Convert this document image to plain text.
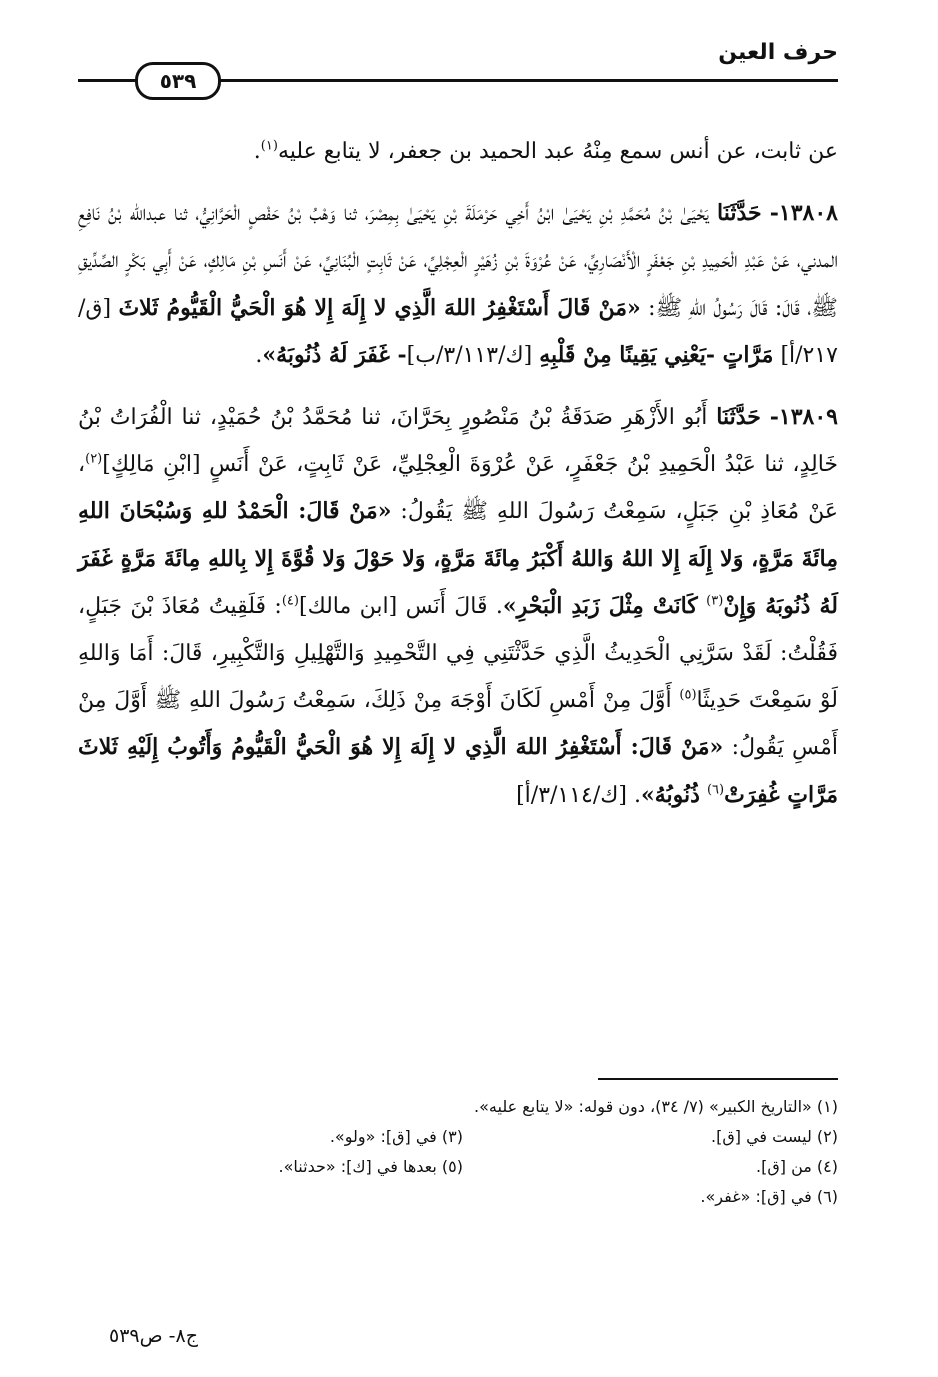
حرف العين
٥٣٩

عن ثابت، عن أنس سمع مِنْهُ عبد الحميد بن جعفر، لا يتابع عليه$^{(١)}$.

١٣٨٠٨- حَدَّثَنَا يَحْيَىٰ بْنُ مُحَمَّدِ بْنِ يَحْيَىٰ ابْنُ أَخِي حَرْمَلَةَ بْنِ يَحْيَىٰ بِمِصْرَ، ثنا وَهْبُ بْنُ حَفْصٍ الْحَرَّانِيُّ، ثنا عبدالله بْنُ نَافِعِ المدني، عَنْ عَبْدِ الْحَمِيدِ بْنِ جَعْفَرٍ الْأَنْصَارِيِّ، عَنْ عُرْوَةَ بْنِ زُهَيْرٍ الْعِجْلِيِّ، عَنْ ثَابِتٍ الْبُنَانِيِّ، عَنْ أَنَسِ بْنِ مَالِكٍ، عَنْ أَبِي بَكْرٍ الصِّدِّيقِ ﷺ، قَالَ: قَالَ رَسُولُ اللهِ ﷺ: «مَنْ قَالَ أَسْتَغْفِرُ اللهَ الَّذِي لا إِلَهَ إِلا هُوَ الْحَيُّ الْقَيُّومُ ثَلاثَ [ق/٢١٧/أ] مَرَّاتٍ -يَعْنِي يَقِينًا مِنْ قَلْبِهِ [ك/٣/١١٣/ب]- غَفَرَ لَهُ ذُنُوبَهُ».

١٣٨٠٩- حَدَّثَنَا أَبُو الأَزْهَرِ صَدَقَةُ بْنُ مَنْصُورٍ بِحَرَّانَ، ثنا مُحَمَّدُ بْنُ حُمَيْدٍ، ثنا الْفُرَاتُ بْنُ خَالِدٍ، ثنا عَبْدُ الْحَمِيدِ بْنُ جَعْفَرٍ، عَنْ عُرْوَةَ الْعِجْلِيِّ، عَنْ ثَابِتٍ، عَنْ أَنَسٍ [ابْنِ مَالِكٍ]$^{(٢)}$، عَنْ مُعَاذِ بْنِ جَبَلٍ، سَمِعْتُ رَسُولَ اللهِ ﷺ يَقُولُ: «مَنْ قَالَ: الْحَمْدُ للهِ وَسُبْحَانَ اللهِ مِائَةَ مَرَّةٍ، وَلا إِلَهَ إِلا اللهُ وَاللهُ أَكْبَرُ مِائَةَ مَرَّةٍ، وَلا حَوْلَ وَلا قُوَّةَ إِلا بِاللهِ مِائَةَ مَرَّةٍ غَفَرَ لَهُ ذُنُوبَهُ وَإِنْ$^{(٣)}$ كَانَتْ مِثْلَ زَبَدِ الْبَحْرِ». قَالَ أَنَس [ابن مالك]$^{(٤)}$: فَلَقِيتُ مُعَاذَ بْنَ جَبَلٍ، فَقُلْتُ: لَقَدْ سَرَّنِي الْحَدِيثُ الَّذِي حَدَّثْتَنِي فِي التَّحْمِيدِ وَالتَّهْلِيلِ وَالتَّكْبِيرِ، قَالَ: أَمَا وَاللهِ لَوْ سَمِعْتَ حَدِيثًا$^{(٥)}$ أَوَّلَ مِنْ أَمْسِ لَكَانَ أَوْجَهَ مِنْ ذَلِكَ، سَمِعْتُ رَسُولَ اللهِ ﷺ أَوَّلَ مِنْ أَمْسِ يَقُولُ: «مَنْ قَالَ: أَسْتَغْفِرُ اللهَ الَّذِي لا إِلَهَ إِلا هُوَ الْحَيُّ الْقَيُّومُ وَأَتُوبُ إِلَيْهِ ثَلاثَ مَرَّاتٍ غُفِرَتْ$^{(٦)}$ ذُنُوبُهُ». [ك/٣/١١٤/أ]

(١) «التاريخ الكبير» (٧/ ٣٤)، دون قوله: «لا يتابع عليه».
(٢) ليست في [ق].
(٣) في [ق]: «ولو».
(٤) من [ق].
(٥) بعدها في [ك]: «حدثنا».
(٦) في [ق]: «غفر».
ج٨- ص٥٣٩
